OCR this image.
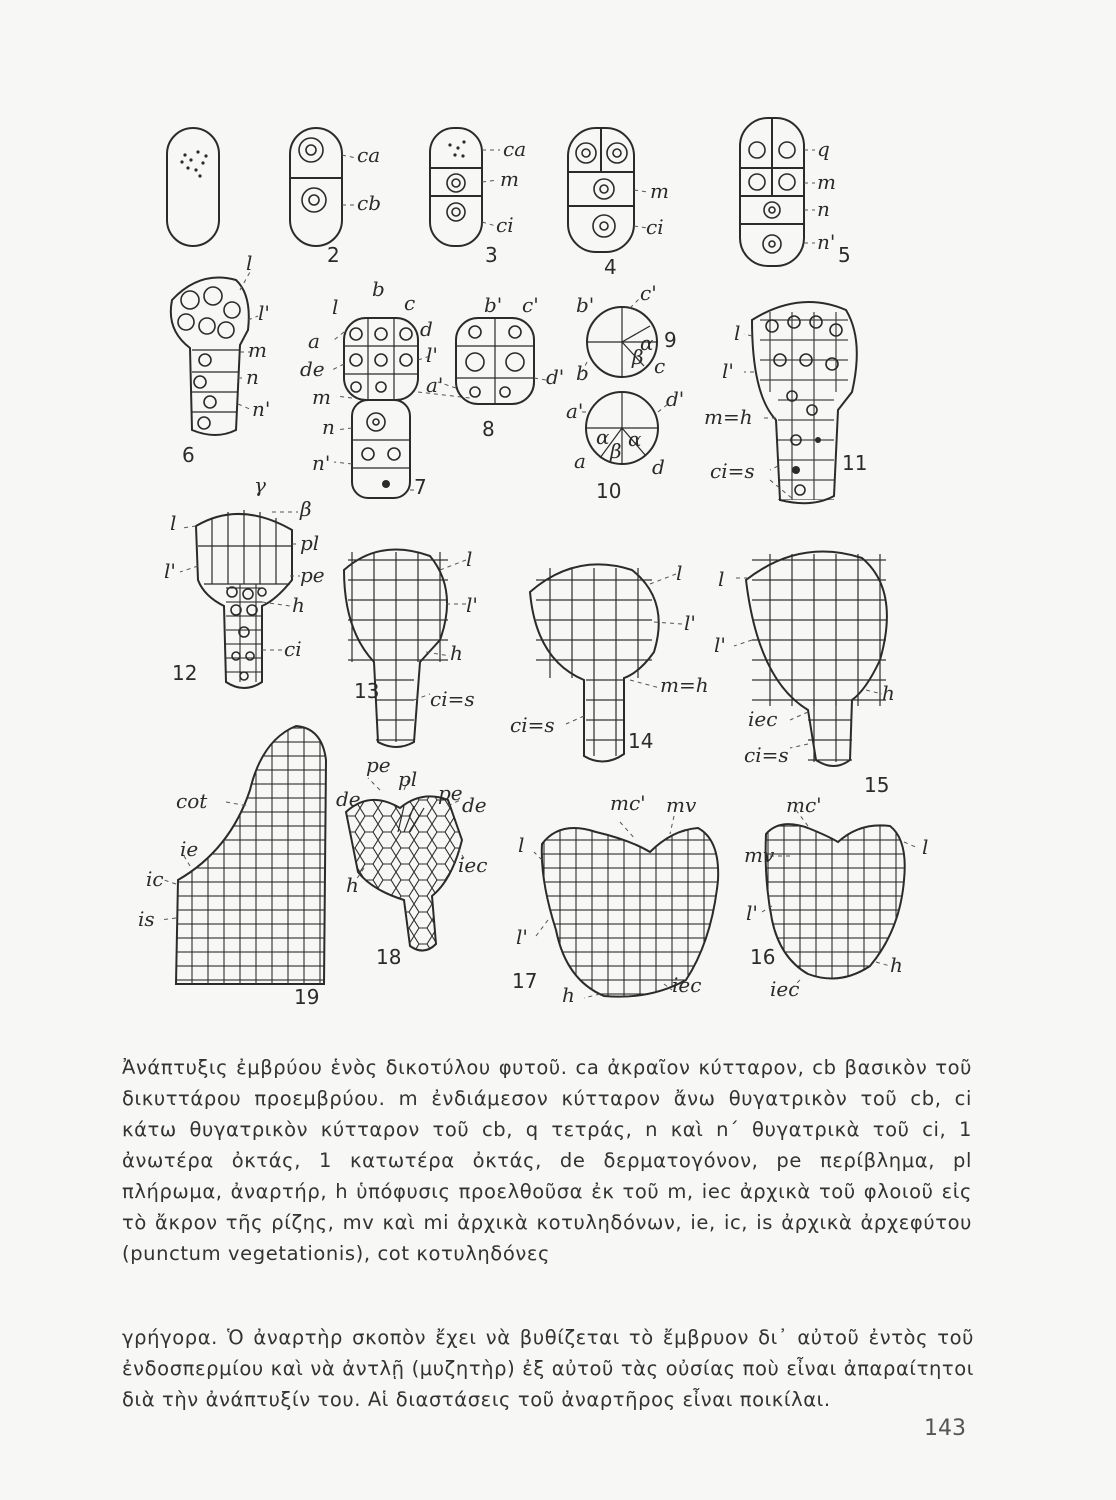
ca
cb
2
ca
m
ci
3
m
ci
4
q
m
n
n'
5
l
l'
m
n
n'
6
b
c
l
a	d
de
l'
m
n
n'
7
b' c'
d'
a'
8
b' c'
β
α
c
b
9
a'	d'
α α
β
a	d
10
l
l'
m=h
ci=s	11
γ
β
l
pl
l'	pe
h
ci
12
l
l'
h
ci=s
13
l
l'
m=h
ci=s
14
l
l'
h
iec
ci=s
15
cot
ie
ic
is
19
pe
pl
de	pe de
iec
h
18
mc' mv
l
l'
h	iec
17
mc'
l
mv
l'
h
iec
16

Ἀνάπτυξις ἐμβρύου ἑνὸς δικοτύλου φυτοῦ. ca ἀκραῖον κύτταρον, cb βασικὸν τοῦ δικυττάρου προεμβρύου. m ἐνδιάμεσον κύτταρον ἄνω θυγατρικὸν τοῦ cb, ci κάτω θυγατρικὸν κύτταρον τοῦ cb, q τετράς, n καὶ n΄ θυγατρικὰ τοῦ ci, 1 ἀνωτέρα ὀκτάς, 1 κατωτέρα ὀκτάς, de δερματογόνον, pe περίβλημα, pl πλήρωμα, ἀναρτήρ, h ὑπόφυσις προελθοῦσα ἐκ τοῦ m, iec ἀρχικὰ τοῦ φλοιοῦ εἰς τὸ ἄκρον τῆς ρίζης, mv καὶ mi ἀρχικὰ κοτυληδόνων, ie, ic, is ἀρχικὰ ἀρχεφύτου (punctum vegetationis), cot κοτυληδόνες

γρήγορα. Ὁ ἀναρτὴρ σκοπὸν ἔχει νὰ βυθίζεται τὸ ἔμβρυον δι᾽ αὐτοῦ ἐντὸς τοῦ ἐνδοσπερμίου καὶ νὰ ἀντλῇ (μυζητὴρ) ἐξ αὐτοῦ τὰς οὐσίας ποὺ εἶναι ἀπαραίτητοι διὰ τὴν ἀνάπτυξίν του. Αἱ διαστάσεις τοῦ ἀναρτῆρος εἶναι ποικίλαι.

143
